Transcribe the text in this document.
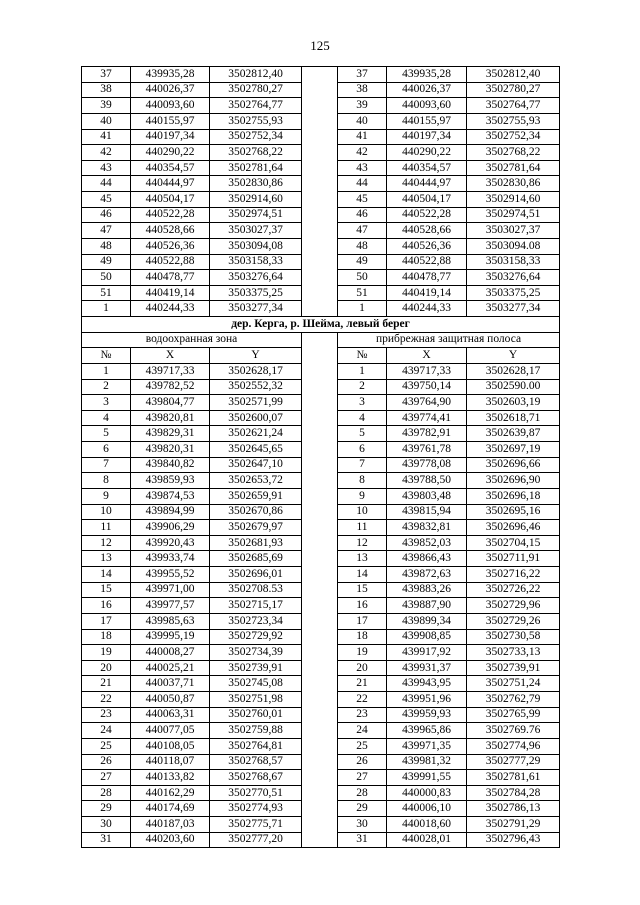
125
37	439935,28	3502812,40		37	439935,28	3502812,40
38	440026,37	3502780,27		38	440026,37	3502780,27
39	440093,60	3502764,77		39	440093,60	3502764,77
40	440155,97	3502755,93		40	440155,97	3502755,93
41	440197,34	3502752,34		41	440197,34	3502752,34
42	440290,22	3502768,22		42	440290,22	3502768,22
43	440354,57	3502781,64		43	440354,57	3502781,64
44	440444,97	3502830,86		44	440444,97	3502830,86
45	440504,17	3502914,60		45	440504,17	3502914,60
46	440522,28	3502974,51		46	440522,28	3502974,51
47	440528,66	3503027,37		47	440528,66	3503027,37
48	440526,36	3503094,08		48	440526,36	3503094.08
49	440522,88	3503158,33		49	440522,88	3503158,33
50	440478,77	3503276,64		50	440478,77	3503276,64
51	440419,14	3503375,25		51	440419,14	3503375,25
1	440244,33	3503277,34		1	440244,33	3503277,34
дер. Керга, р. Шейма, левый берег						
водоохранная зона				прибрежная защитная полоса		
№	X	Y		№	X	Y
1	439717,33	3502628,17		1	439717,33	3502628,17
2	439782,52	3502552,32		2	439750,14	3502590.00
3	439804,77	3502571,99		3	439764,90	3502603,19
4	439820,81	3502600,07		4	439774,41	3502618,71
5	439829,31	3502621,24		5	439782,91	3502639,87
6	439820,31	3502645,65		6	439761,78	3502697,19
7	439840,82	3502647,10		7	439778,08	3502696,66
8	439859,93	3502653,72		8	439788,50	3502696,90
9	439874,53	3502659,91		9	439803,48	3502696,18
10	439894,99	3502670,86		10	439815,94	3502695,16
11	439906,29	3502679,97		11	439832,81	3502696,46
12	439920,43	3502681,93		12	439852,03	3502704,15
13	439933,74	3502685,69		13	439866,43	3502711,91
14	439955,52	3502696,01		14	439872,63	3502716,22
15	439971,00	3502708.53		15	439883,26	3502726,22
16	439977,57	3502715,17		16	439887,90	3502729,96
17	439985,63	3502723,34		17	439899,34	3502729,26
18	439995,19	3502729,92		18	439908,85	3502730,58
19	440008,27	3502734,39		19	439917,92	3502733,13
20	440025,21	3502739,91		20	439931,37	3502739,91
21	440037,71	3502745,08		21	439943,95	3502751,24
22	440050,87	3502751,98		22	439951,96	3502762,79
23	440063,31	3502760,01		23	439959,93	3502765,99
24	440077,05	3502759,88		24	439965,86	3502769.76
25	440108,05	3502764,81		25	439971,35	3502774,96
26	440118,07	3502768,57		26	439981,32	3502777,29
27	440133,82	3502768,67		27	439991,55	3502781,61
28	440162,29	3502770,51		28	440000,83	3502784,28
29	440174,69	3502774,93		29	440006,10	3502786,13
30	440187,03	3502775,71		30	440018,60	3502791,29
31	440203,60	3502777,20		31	440028,01	3502796,43
